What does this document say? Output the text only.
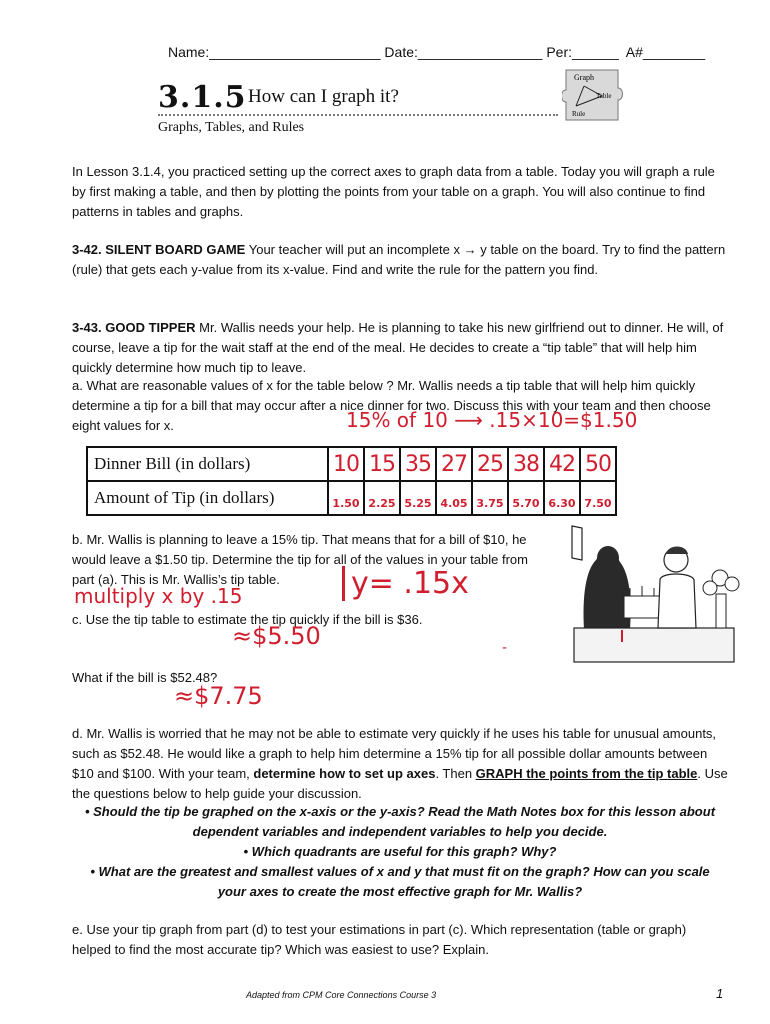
Name:______________________ Date:________________ Per:______  A#________
3.1.5 How can I graph it?
Graphs, Tables, and Rules
Graph
Table
Rule
In Lesson 3.1.4, you practiced setting up the correct axes to graph data from a table. Today you will graph a rule by first making a table, and then by plotting the points from your table on a graph. You will also continue to find patterns in tables and graphs.
3-42. SILENT BOARD GAME Your teacher will put an incomplete x → y table on the board. Try to find the pattern (rule) that gets each y-value from its x-value. Find and write the rule for the pattern you find.
3-43. GOOD TIPPER Mr. Wallis needs your help. He is planning to take his new girlfriend out to dinner. He will, of course, leave a tip for the wait staff at the end of the meal. He decides to create a “tip table” that will help him quickly determine how much tip to leave.
a. What are reasonable values of x for the table below ? Mr. Wallis needs a tip table that will help him quickly determine a tip for a bill that may occur after a nice dinner for two. Discuss this with your team and then choose eight values for x.	15% of 10 ⟶ .15×10=$1.50
Dinner Bill (in dollars)	10	15	35	27	25	38	42	50

Amount of Tip (in dollars)	1.50	2.25	5.25	4.05	3.75	5.70	6.30	7.50
b. Mr. Wallis is planning to leave a 15% tip. That means that for a bill of $10, he would leave a $1.50 tip. Determine the tip for all of the values in your table from part (a). This is Mr. Wallis’s tip table.
multiply x by .15	y= .15x
c. Use the tip table to estimate the tip quickly if the bill is $36.
≈$5.50
What if the bill is $52.48?
≈$7.75
-
d. Mr. Wallis is worried that he may not be able to estimate very quickly if he uses his table for unusual amounts, such as $52.48. He would like a graph to help him determine a 15% tip for all possible dollar amounts between $10 and $100. With your team, determine how to set up axes. Then GRAPH the points from the tip table. Use the questions below to help guide your discussion.
• Should the tip be graphed on the x-axis or the y-axis? Read the Math Notes box for this lesson about dependent variables and independent variables to help you decide.
• Which quadrants are useful for this graph? Why?
• What are the greatest and smallest values of x and y that must fit on the graph? How can you scale your axes to create the most effective graph for Mr. Wallis?
e. Use your tip graph from part (d) to test your estimations in part (c). Which representation (table or graph) helped to find the most accurate tip? Which was easiest to use? Explain.
Adapted from CPM Core Connections Course 3	1
